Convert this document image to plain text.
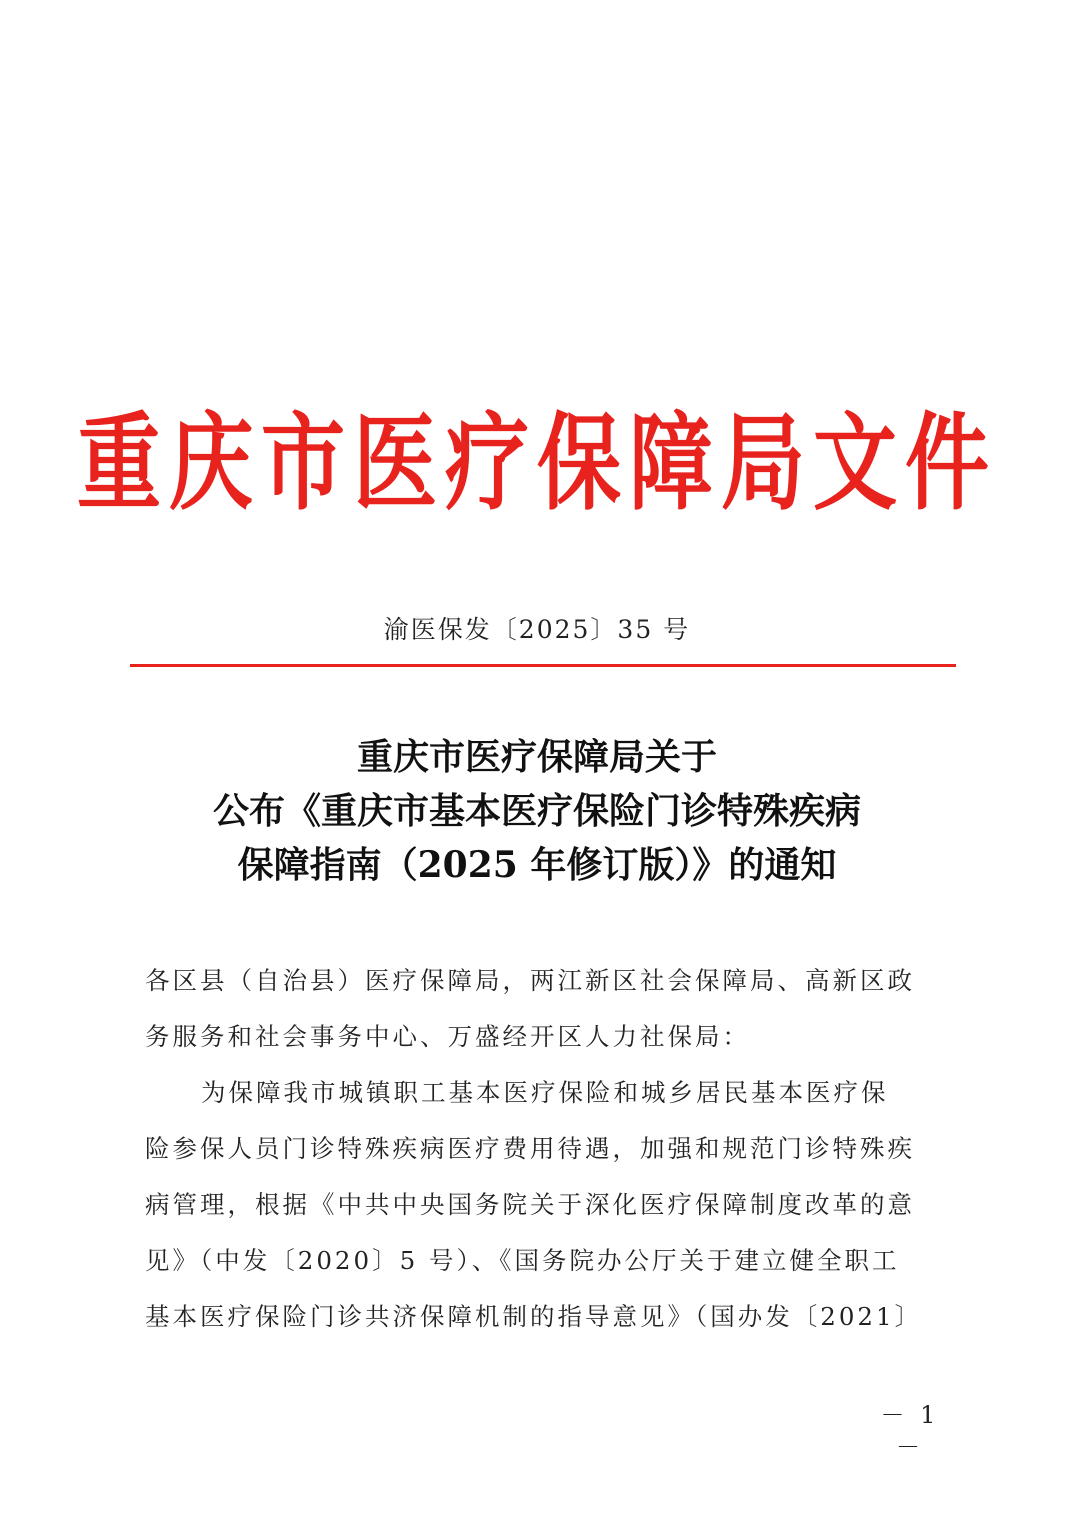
重庆市医疗保障局文件
渝医保发〔2025〕35 号
重庆市医疗保障局关于
公布《重庆市基本医疗保险门诊特殊疾病
保障指南（2025 年修订版）》的通知
各区县（自治县）医疗保障局，两江新区社会保障局、高新区政
务服务和社会事务中心、万盛经开区人力社保局：
为保障我市城镇职工基本医疗保险和城乡居民基本医疗保
险参保人员门诊特殊疾病医疗费用待遇，加强和规范门诊特殊疾
病管理，根据《中共中央国务院关于深化医疗保障制度改革的意
见》（中发〔2020〕5 号）、《国务院办公厅关于建立健全职工
基本医疗保险门诊共济保障机制的指导意见》（国办发〔2021〕
－ 1 －
